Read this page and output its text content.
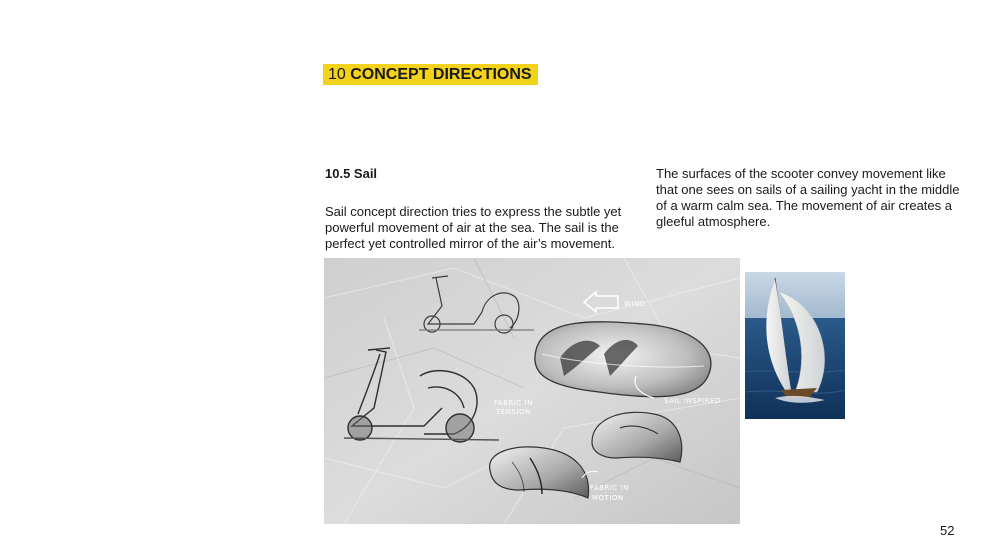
10 CONCEPT DIRECTIONS
10.5 Sail

Sail concept direction tries to express the subtle yet powerful movement of air at the sea. The sail is the perfect yet controlled mirror of the air’s movement.

The surfaces of the scooter convey movement like that one sees on sails of a sailing yacht in the middle of a warm calm sea. The movement of air creates a gleeful atmosphere.

WIND
SAIL INSPIRED
FABRIC IN
TENSION
FABRIC IN
MOTION
52
